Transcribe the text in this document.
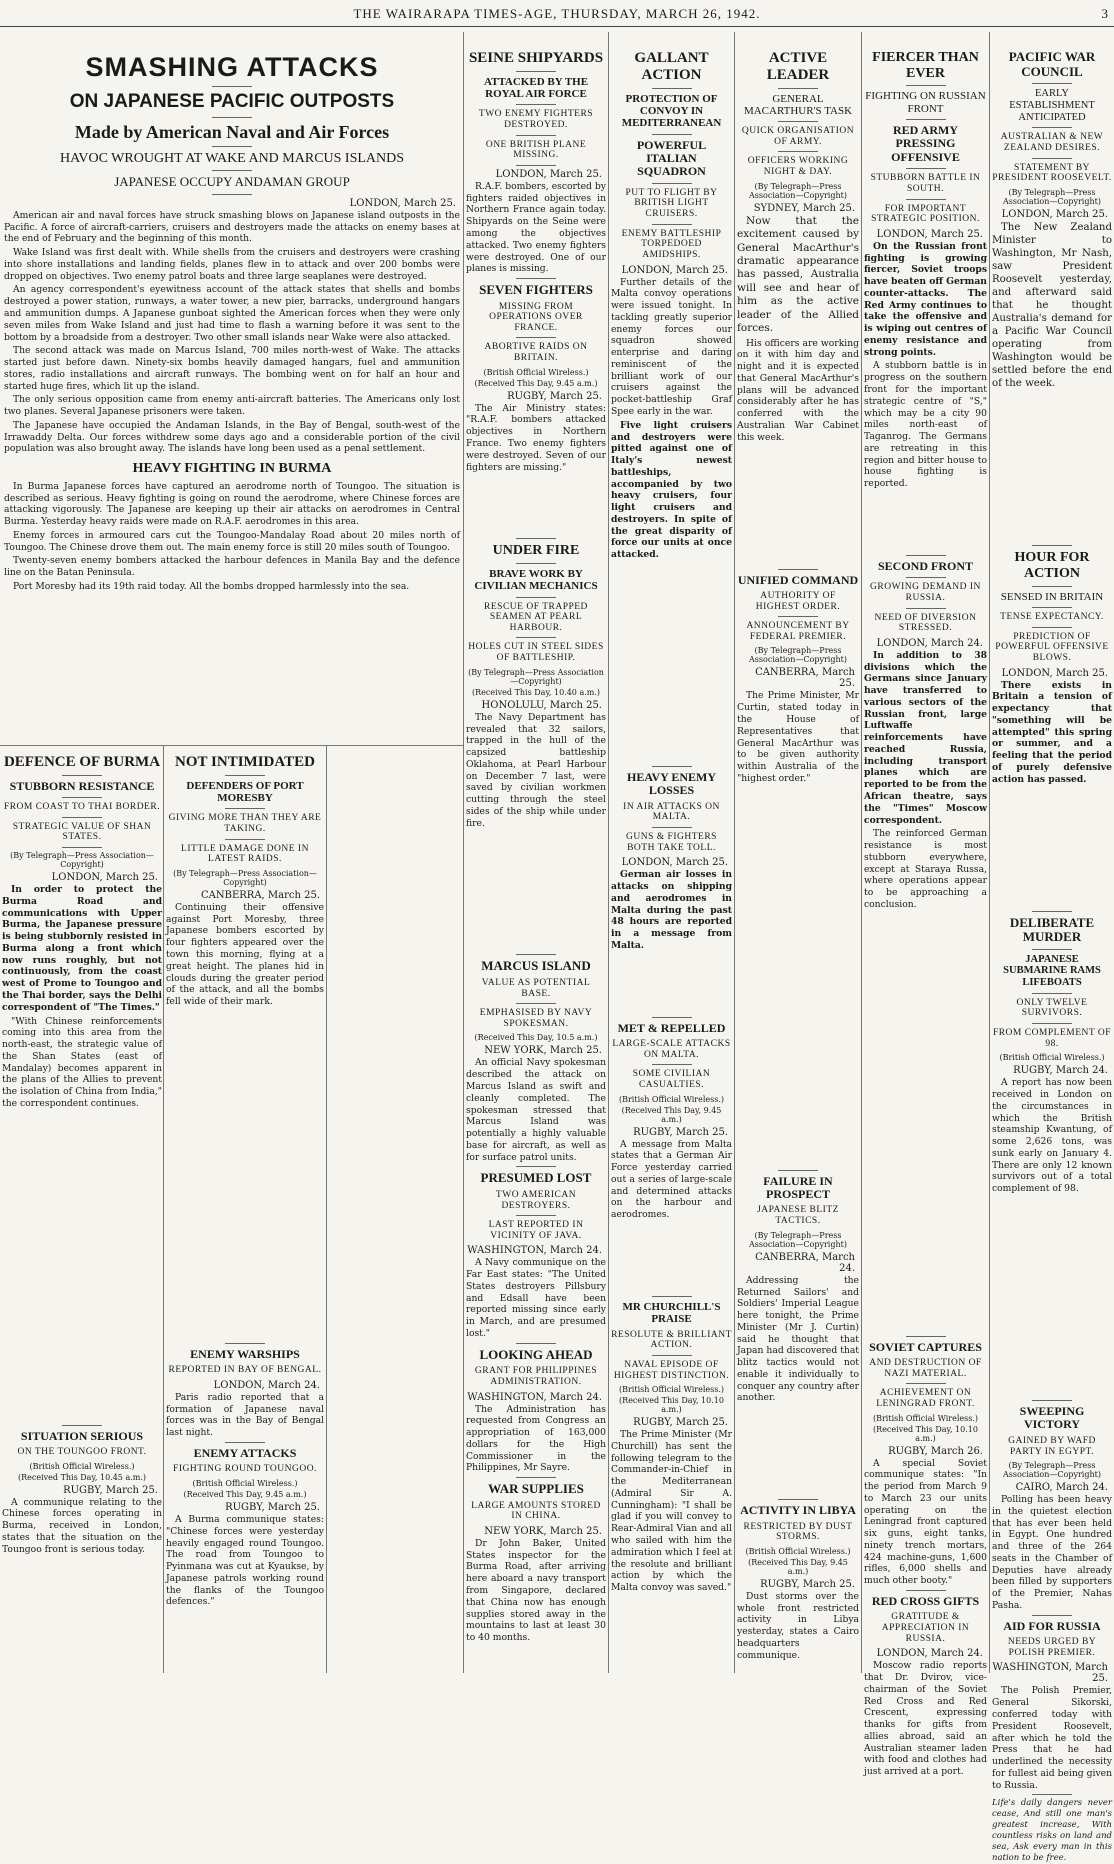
THE WAIRARAPA TIMES-AGE, THURSDAY, MARCH 26, 1942.	3
SMASHING ATTACKS
ON JAPANESE PACIFIC OUTPOSTS
Made by American Naval and Air Forces
HAVOC WROUGHT AT WAKE AND MARCUS ISLANDS
JAPANESE OCCUPY ANDAMAN GROUP
LONDON, March 25.

American air and naval forces have struck smashing blows on Japanese island outposts in the Pacific. A force of aircraft-carriers, cruisers and destroyers made the attacks on enemy bases at the end of February and the beginning of this month.

Wake Island was first dealt with. While shells from the cruisers and destroyers were crashing into shore installations and landing fields, planes flew in to attack and over 200 bombs were dropped on objectives. Two enemy patrol boats and three large seaplanes were destroyed.

An agency correspondent's eyewitness account of the attack states that shells and bombs destroyed a power station, runways, a water tower, a new pier, barracks, underground hangars and ammunition dumps. A Japanese gunboat sighted the American forces when they were only seven miles from Wake Island and just had time to flash a warning before it was sent to the bottom by a broadside from a destroyer. Two other small islands near Wake were also attacked.

The second attack was made on Marcus Island, 700 miles north-west of Wake. The attacks started just before dawn. Ninety-six bombs heavily damaged hangars, fuel and ammunition stores, radio installations and aircraft runways. The bombing went on for half an hour and started huge fires, which lit up the island.

The only serious opposition came from enemy anti-aircraft batteries. The Americans only lost two planes. Several Japanese prisoners were taken.

The Japanese have occupied the Andaman Islands, in the Bay of Bengal, south-west of the Irrawaddy Delta. Our forces withdrew some days ago and a considerable portion of the civil population was also brought away. The islands have long been used as a penal settlement.

HEAVY FIGHTING IN BURMA

In Burma Japanese forces have captured an aerodrome north of Toungoo. The situation is described as serious. Heavy fighting is going on round the aerodrome, where Chinese forces are attacking vigorously. The Japanese are keeping up their air attacks on aerodromes in Central Burma. Yesterday heavy raids were made on R.A.F. aerodromes in this area.

Enemy forces in armoured cars cut the Toungoo-Mandalay Road about 20 miles north of Toungoo. The Chinese drove them out. The main enemy force is still 20 miles south of Toungoo.

Twenty-seven enemy bombers attacked the harbour defences in Manila Bay and the defence line on the Batan Peninsula.

Port Moresby had its 19th raid today. All the bombs dropped harmlessly into the sea.

DEFENCE OF BURMA
STUBBORN RESISTANCE
FROM COAST TO THAI BORDER.
STRATEGIC VALUE OF SHAN STATES.
(By Telegraph—Press Association—Copyright)
LONDON, March 25.

In order to protect the Burma Road and communications with Upper Burma, the Japanese pressure is being stubbornly resisted in Burma along a front which now runs roughly, but not continuously, from the coast west of Prome to Toungoo and the Thai border, says the Delhi correspondent of "The Times."

"With Chinese reinforcements coming into this area from the north-east, the strategic value of the Shan States (east of Mandalay) becomes apparent in the plans of the Allies to prevent the isolation of China from India," the correspondent continues.

SITUATION SERIOUS
ON THE TOUNGOO FRONT.
(British Official Wireless.)
(Received This Day, 10.45 a.m.)
RUGBY, March 25.

A communique relating to the Chinese forces operating in Burma, received in London, states that the situation on the Toungoo front is serious today.

NOT INTIMIDATED
DEFENDERS OF PORT MORESBY
GIVING MORE THAN THEY ARE TAKING.
LITTLE DAMAGE DONE IN LATEST RAIDS.
(By Telegraph—Press Association—Copyright)
CANBERRA, March 25.

Continuing their offensive against Port Moresby, three Japanese bombers escorted by four fighters appeared over the town this morning, flying at a great height. The planes hid in clouds during the greater period of the attack, and all the bombs fell wide of their mark.

ENEMY WARSHIPS
REPORTED IN BAY OF BENGAL.
LONDON, March 24.

Paris radio reported that a formation of Japanese naval forces was in the Bay of Bengal last night.

ENEMY ATTACKS
FIGHTING ROUND TOUNGOO.
(British Official Wireless.)
(Received This Day, 9.45 a.m.)
RUGBY, March 25.

A Burma communique states: "Chinese forces were yesterday heavily engaged round Toungoo. The road from Toungoo to Pyinmana was cut at Kyaukse, by Japanese patrols working round the flanks of the Toungoo defences."

SEINE SHIPYARDS
ATTACKED BY THE ROYAL AIR FORCE
TWO ENEMY FIGHTERS DESTROYED.
ONE BRITISH PLANE MISSING.
LONDON, March 25.

R.A.F. bombers, escorted by fighters raided objectives in Northern France again today. Shipyards on the Seine were among the objectives attacked. Two enemy fighters were destroyed. One of our planes is missing.

SEVEN FIGHTERS
MISSING FROM OPERATIONS OVER FRANCE.
ABORTIVE RAIDS ON BRITAIN.
(British Official Wireless.)
(Received This Day, 9.45 a.m.)
RUGBY, March 25.

The Air Ministry states: "R.A.F. bombers attacked objectives in Northern France. Two enemy fighters were destroyed. Seven of our fighters are missing."

UNDER FIRE
BRAVE WORK BY CIVILIAN MECHANICS
RESCUE OF TRAPPED SEAMEN AT PEARL HARBOUR.
HOLES CUT IN STEEL SIDES OF BATTLESHIP.
(By Telegraph—Press Association—Copyright)
(Received This Day, 10.40 a.m.)
HONOLULU, March 25.

The Navy Department has revealed that 32 sailors, trapped in the hull of the capsized battleship Oklahoma, at Pearl Harbour on December 7 last, were saved by civilian workmen cutting through the steel sides of the ship while under fire.

MARCUS ISLAND
VALUE AS POTENTIAL BASE.
EMPHASISED BY NAVY SPOKESMAN.
(Received This Day, 10.5 a.m.)
NEW YORK, March 25.

An official Navy spokesman described the attack on Marcus Island as swift and cleanly completed. The spokesman stressed that Marcus Island was potentially a highly valuable base for aircraft, as well as for surface patrol units.

PRESUMED LOST
TWO AMERICAN DESTROYERS.
LAST REPORTED IN VICINITY OF JAVA.
WASHINGTON, March 24.

A Navy communique on the Far East states: "The United States destroyers Pillsbury and Edsall have been reported missing since early in March, and are presumed lost."

LOOKING AHEAD
GRANT FOR PHILIPPINES ADMINISTRATION.
WASHINGTON, March 24.

The Administration has requested from Congress an appropriation of 163,000 dollars for the High Commissioner in the Philippines, Mr Sayre.

WAR SUPPLIES
LARGE AMOUNTS STORED IN CHINA.
NEW YORK, March 25.

Dr John Baker, United States inspector for the Burma Road, after arriving here aboard a navy transport from Singapore, declared that China now has enough supplies stored away in the mountains to last at least 30 to 40 months.

GALLANT ACTION
PROTECTION OF CONVOY IN MEDITERRANEAN
POWERFUL ITALIAN SQUADRON
PUT TO FLIGHT BY BRITISH LIGHT CRUISERS.
ENEMY BATTLESHIP TORPEDOED AMIDSHIPS.
LONDON, March 25.

Further details of the Malta convoy operations were issued tonight. In tackling greatly superior enemy forces our squadron showed enterprise and daring reminiscent of the brilliant work of our cruisers against the pocket-battleship Graf Spee early in the war.

Five light cruisers and destroyers were pitted against one of Italy's newest battleships, accompanied by two heavy cruisers, four light cruisers and destroyers. In spite of the great disparity of force our units at once attacked.

HEAVY ENEMY LOSSES
IN AIR ATTACKS ON MALTA.
GUNS & FIGHTERS BOTH TAKE TOLL.
LONDON, March 25.

German air losses in attacks on shipping and aerodromes in Malta during the past 48 hours are reported in a message from Malta.

MET & REPELLED
LARGE-SCALE ATTACKS ON MALTA.
SOME CIVILIAN CASUALTIES.
(British Official Wireless.)
(Received This Day, 9.45 a.m.)
RUGBY, March 25.

A message from Malta states that a German Air Force yesterday carried out a series of large-scale and determined attacks on the harbour and aerodromes.

MR CHURCHILL'S PRAISE
RESOLUTE & BRILLIANT ACTION.
NAVAL EPISODE OF HIGHEST DISTINCTION.
(British Official Wireless.)
(Received This Day, 10.10 a.m.)
RUGBY, March 25.

The Prime Minister (Mr Churchill) has sent the following telegram to the Commander-in-Chief in the Mediterranean (Admiral Sir A. Cunningham): "I shall be glad if you will convey to Rear-Admiral Vian and all who sailed with him the admiration which I feel at the resolute and brilliant action by which the Malta convoy was saved."

ACTIVE LEADER
GENERAL MACARTHUR'S TASK
QUICK ORGANISATION OF ARMY.
OFFICERS WORKING NIGHT & DAY.
(By Telegraph—Press Association—Copyright)
SYDNEY, March 25.

Now that the excitement caused by General MacArthur's dramatic appearance has passed, Australia will see and hear of him as the active leader of the Allied forces.

His officers are working on it with him day and night and it is expected that General MacArthur's plans will be advanced considerably after he has conferred with the Australian War Cabinet this week.

UNIFIED COMMAND
AUTHORITY OF HIGHEST ORDER.
ANNOUNCEMENT BY FEDERAL PREMIER.
(By Telegraph—Press Association—Copyright)
CANBERRA, March 25.

The Prime Minister, Mr Curtin, stated today in the House of Representatives that General MacArthur was to be given authority within Australia of the "highest order."

FAILURE IN PROSPECT
JAPANESE BLITZ TACTICS.
(By Telegraph—Press Association—Copyright)
CANBERRA, March 24.

Addressing the Returned Sailors' and Soldiers' Imperial League here tonight, the Prime Minister (Mr J. Curtin) said he thought that Japan had discovered that blitz tactics would not enable it individually to conquer any country after another.

ACTIVITY IN LIBYA
RESTRICTED BY DUST STORMS.
(British Official Wireless.)
(Received This Day, 9.45 a.m.)
RUGBY, March 25.

Dust storms over the whole front restricted activity in Libya yesterday, states a Cairo headquarters communique.

FIERCER THAN EVER
FIGHTING ON RUSSIAN FRONT
RED ARMY PRESSING OFFENSIVE
STUBBORN BATTLE IN SOUTH.
FOR IMPORTANT STRATEGIC POSITION.
LONDON, March 25.

On the Russian front fighting is growing fiercer, Soviet troops have beaten off German counter-attacks. The Red Army continues to take the offensive and is wiping out centres of enemy resistance and strong points.

A stubborn battle is in progress on the southern front for the important strategic centre of "S," which may be a city 90 miles north-east of Taganrog. The Germans are retreating in this region and bitter house to house fighting is reported.

SECOND FRONT
GROWING DEMAND IN RUSSIA.
NEED OF DIVERSION STRESSED.
LONDON, March 24.

In addition to 38 divisions which the Germans since January have transferred to various sectors of the Russian front, large Luftwaffe reinforcements have reached Russia, including transport planes which are reported to be from the African theatre, says the "Times" Moscow correspondent.

The reinforced German resistance is most stubborn everywhere, except at Staraya Russa, where operations appear to be approaching a conclusion.

SOVIET CAPTURES
AND DESTRUCTION OF NAZI MATERIAL.
ACHIEVEMENT ON LENINGRAD FRONT.
(British Official Wireless.)
(Received This Day, 10.10 a.m.)
RUGBY, March 26.

A special Soviet communique states: "In the period from March 9 to March 23 our units operating on the Leningrad front captured six guns, eight tanks, ninety trench mortars, 424 machine-guns, 1,600 rifles, 6,000 shells and much other booty."

RED CROSS GIFTS
GRATITUDE & APPRECIATION IN RUSSIA.
LONDON, March 24.

Moscow radio reports that Dr. Dvirov, vice-chairman of the Soviet Red Cross and Red Crescent, expressing thanks for gifts from allies abroad, said an Australian steamer laden with food and clothes had just arrived at a port.

PACIFIC WAR COUNCIL
EARLY ESTABLISHMENT ANTICIPATED
AUSTRALIAN & NEW ZEALAND DESIRES.
STATEMENT BY PRESIDENT ROOSEVELT.
(By Telegraph—Press Association—Copyright)
LONDON, March 25.

The New Zealand Minister to Washington, Mr Nash, saw President Roosevelt yesterday, and afterward said that he thought Australia's demand for a Pacific War Council operating from Washington would be settled before the end of the week.

HOUR FOR ACTION
SENSED IN BRITAIN
TENSE EXPECTANCY.
PREDICTION OF POWERFUL OFFENSIVE BLOWS.
LONDON, March 25.

There exists in Britain a tension of expectancy that "something will be attempted" this spring or summer, and a feeling that the period of purely defensive action has passed.

DELIBERATE MURDER
JAPANESE SUBMARINE RAMS LIFEBOATS
ONLY TWELVE SURVIVORS.
FROM COMPLEMENT OF 98.
(British Official Wireless.)
RUGBY, March 24.

A report has now been received in London on the circumstances in which the British steamship Kwantung, of some 2,626 tons, was sunk early on January 4. There are only 12 known survivors out of a total complement of 98.

SWEEPING VICTORY
GAINED BY WAFD PARTY IN EGYPT.
(By Telegraph—Press Association—Copyright)
CAIRO, March 24.

Polling has been heavy in the quietest election that has ever been held in Egypt. One hundred and three of the 264 seats in the Chamber of Deputies have already been filled by supporters of the Premier, Nahas Pasha.

AID FOR RUSSIA
NEEDS URGED BY POLISH PREMIER.
WASHINGTON, March 25.

The Polish Premier, General Sikorski, conferred today with President Roosevelt, after which he told the Press that he had underlined the necessity for fullest aid being given to Russia.

Life's daily dangers never cease, And still one man's greatest increase, With countless risks on land and sea, Ask every man in this nation to be free.
